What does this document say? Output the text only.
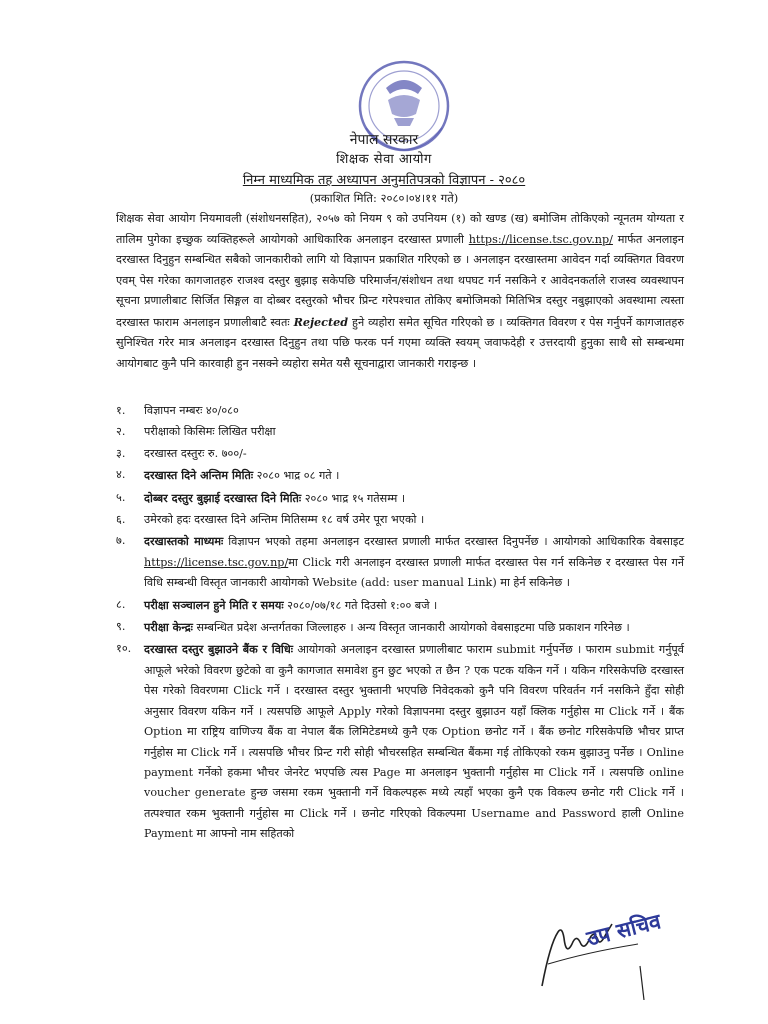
नेपाल सरकार
शिक्षक सेवा आयोग
निम्न माध्यमिक तह अध्यापन अनुमतिपत्रको विज्ञापन - २०८०
(प्रकाशित मिति: २०८०।०४।११ गते)
शिक्षक सेवा आयोग नियमावली (संशोधनसहित), २०५७ को नियम ९ को उपनियम (१) को खण्ड (ख) बमोजिम तोकिएको न्यूनतम योग्यता र तालिम पुगेका इच्छुक व्यक्तिहरूले आयोगको आधिकारिक अनलाइन दरखास्त प्रणाली https://license.tsc.gov.np/ मार्फत अनलाइन दरखास्त दिनुहुन सम्बन्धित सबैको जानकारीको लागि यो विज्ञापन प्रकाशित गरिएको छ । अनलाइन दरखास्तमा आवेदन गर्दा व्यक्तिगत विवरण एवम् पेस गरेका कागजातहरु राजश्व दस्तुर बुझाइ सकेपछि परिमार्जन/संशोधन तथा थपघट गर्न नसकिने र आवेदनकर्ताले राजस्व व्यवस्थापन सूचना प्रणालीबाट सिर्जित सिङ्गल वा दोब्बर दस्तुरको भौचर प्रिन्ट गरेपश्चात तोकिए बमोजिमको मितिभित्र दस्तुर नबुझाएको अवस्थामा त्यस्ता दरखास्त फाराम अनलाइन प्रणालीबाटै स्वतः Rejected हुने व्यहोरा समेत सूचित गरिएको छ । व्यक्तिगत विवरण र पेस गर्नुपर्ने कागजातहरु सुनिश्चित गरेर मात्र अनलाइन दरखास्त दिनुहुन तथा पछि फरक पर्न गएमा व्यक्ति स्वयम् जवाफदेही र उत्तरदायी हुनुका साथै सो सम्बन्धमा आयोगबाट कुनै पनि कारवाही हुन नसक्ने व्यहोरा समेत यसै सूचनाद्वारा जानकारी गराइन्छ ।
१.	विज्ञापन नम्बरः ४०/०८०
२.	परीक्षाको किसिमः लिखित परीक्षा
३.	दरखास्त दस्तुरः रु. ७००/-
४.	दरखास्त दिने अन्तिम मितिः २०८० भाद्र ०८ गते ।
५.	दोब्बर दस्तुर बुझाई दरखास्त दिने मितिः २०८० भाद्र १५ गतेसम्म ।
६.	उमेरको हदः दरखास्त दिने अन्तिम मितिसम्म १८ वर्ष उमेर पूरा भएको ।
७.	दरखास्तको माध्यमः विज्ञापन भएको तहमा अनलाइन दरखास्त प्रणाली मार्फत दरखास्त दिनुपर्नेछ । आयोगको आधिकारिक वेबसाइट https://license.tsc.gov.np/मा Click गरी अनलाइन दरखास्त प्रणाली मार्फत दरखास्त पेस गर्न सकिनेछ र दरखास्त पेस गर्ने विधि सम्बन्धी विस्तृत जानकारी आयोगको Website (add: user manual Link) मा हेर्न सकिनेछ ।
८.	परीक्षा सञ्चालन हुने मिति र समयः २०८०/०७/१८ गते दिउसो १:०० बजे ।
९.	परीक्षा केन्द्रः सम्बन्धित प्रदेश अन्तर्गतका जिल्लाहरु । अन्य विस्तृत जानकारी आयोगको वेबसाइटमा पछि प्रकाशन गरिनेछ ।
१०.	दरखास्त दस्तुर बुझाउने बैंक र विधिः आयोगको अनलाइन दरखास्त प्रणालीबाट फाराम submit गर्नुपर्नेछ । फाराम submit गर्नुपूर्व आफूले भरेको विवरण छुटेको वा कुनै कागजात समावेश हुन छुट भएको त छैन ? एक पटक यकिन गर्ने । यकिन गरिसकेपछि दरखास्त पेस गरेको विवरणमा Click गर्ने । दरखास्त दस्तुर भुक्तानी भएपछि निवेदकको कुनै पनि विवरण परिवर्तन गर्न नसकिने हुँदा सोही अनुसार विवरण यकिन गर्ने । त्यसपछि आफूले Apply गरेको विज्ञापनमा दस्तुर बुझाउन यहाँ क्लिक गर्नुहोस मा Click गर्ने । बैंक Option मा राष्ट्रिय वाणिज्य बैंक वा नेपाल बैंक लिमिटेडमध्ये कुनै एक Option छनोट गर्ने । बैंक छनोट गरिसकेपछि भौचर प्राप्त गर्नुहोस मा Click गर्ने । त्यसपछि भौचर प्रिन्ट गरी सोही भौचरसहित सम्बन्धित बैंकमा गई तोकिएको रकम बुझाउनु पर्नेछ । Online payment गर्नेको हकमा भौचर जेनरेट भएपछि त्यस Page मा अनलाइन भुक्तानी गर्नुहोस मा Click गर्ने । त्यसपछि online voucher generate हुन्छ जसमा रकम भुक्तानी गर्ने विकल्पहरू मध्ये त्यहाँ भएका कुनै एक विकल्प छनोट गरी Click गर्ने । तत्पश्चात रकम भुक्तानी गर्नुहोस मा Click गर्ने । छनोट गरिएको विकल्पमा Username and Password हाली Online Payment मा आफ्नो नाम सहितको
उप सचिव
